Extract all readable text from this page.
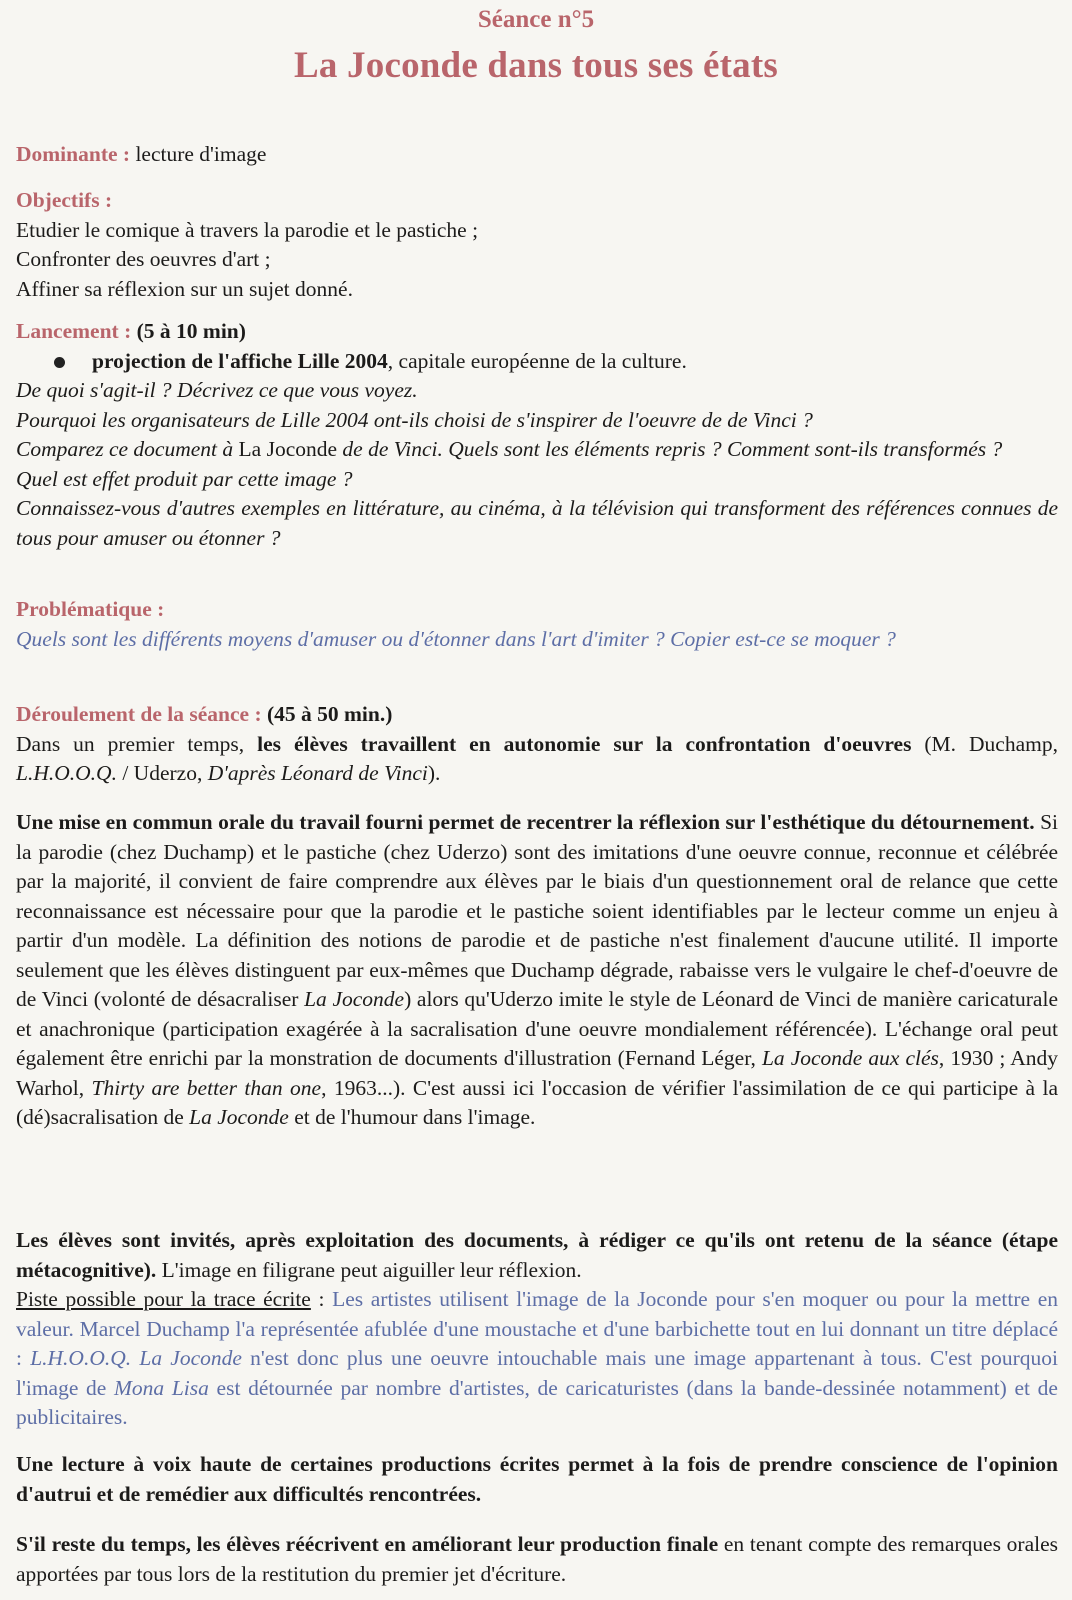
Séance n°5
La Joconde dans tous ses états
Dominante : lecture d'image
Objectifs :
Etudier le comique à travers la parodie et le pastiche ;
Confronter des oeuvres d'art ;
Affiner sa réflexion sur un sujet donné.
Lancement : (5 à 10 min)
projection de l'affiche Lille 2004, capitale européenne de la culture.
De quoi s'agit-il ? Décrivez ce que vous voyez.
Pourquoi les organisateurs de Lille 2004 ont-ils choisi de s'inspirer de l'oeuvre de de Vinci ?
Comparez ce document à La Joconde de de Vinci. Quels sont les éléments repris ? Comment sont-ils transformés ?
Quel est effet produit par cette image ?
Connaissez-vous d'autres exemples en littérature, au cinéma, à la télévision qui transforment des références connues de tous pour amuser ou étonner ?
Problématique :
Quels sont les différents moyens d'amuser ou d'étonner dans l'art d'imiter ? Copier est-ce se moquer ?
Déroulement de la séance : (45 à 50 min.)
Dans un premier temps, les élèves travaillent en autonomie sur la confrontation d'oeuvres (M. Duchamp, L.H.O.O.Q. / Uderzo, D'après Léonard de Vinci).
Une mise en commun orale du travail fourni permet de recentrer la réflexion sur l'esthétique du détournement. Si la parodie (chez Duchamp) et le pastiche (chez Uderzo) sont des imitations d'une oeuvre connue, reconnue et célébrée par la majorité, il convient de faire comprendre aux élèves par le biais d'un questionnement oral de relance que cette reconnaissance est nécessaire pour que la parodie et le pastiche soient identifiables par le lecteur comme un enjeu à partir d'un modèle. La définition des notions de parodie et de pastiche n'est finalement d'aucune utilité. Il importe seulement que les élèves distinguent par eux-mêmes que Duchamp dégrade, rabaisse vers le vulgaire le chef-d'oeuvre de de Vinci (volonté de désacraliser La Joconde) alors qu'Uderzo imite le style de Léonard de Vinci de manière caricaturale et anachronique (participation exagérée à la sacralisation d'une oeuvre mondialement référencée). L'échange oral peut également être enrichi par la monstration de documents d'illustration (Fernand Léger, La Joconde aux clés, 1930 ; Andy Warhol, Thirty are better than one, 1963...). C'est aussi ici l'occasion de vérifier l'assimilation de ce qui participe à la (dé)sacralisation de La Joconde et de l'humour dans l'image.
Les élèves sont invités, après exploitation des documents, à rédiger ce qu'ils ont retenu de la séance (étape métacognitive). L'image en filigrane peut aiguiller leur réflexion.
Piste possible pour la trace écrite : Les artistes utilisent l'image de la Joconde pour s'en moquer ou pour la mettre en valeur. Marcel Duchamp l'a représentée afublée d'une moustache et d'une barbichette tout en lui donnant un titre déplacé : L.H.O.O.Q. La Joconde n'est donc plus une oeuvre intouchable mais une image appartenant à tous. C'est pourquoi l'image de Mona Lisa est détournée par nombre d'artistes, de caricaturistes (dans la bande-dessinée notamment) et de publicitaires.
Une lecture à voix haute de certaines productions écrites permet à la fois de prendre conscience de l'opinion d'autrui et de remédier aux difficultés rencontrées.
S'il reste du temps, les élèves réécrivent en améliorant leur production finale en tenant compte des remarques orales apportées par tous lors de la restitution du premier jet d'écriture.
